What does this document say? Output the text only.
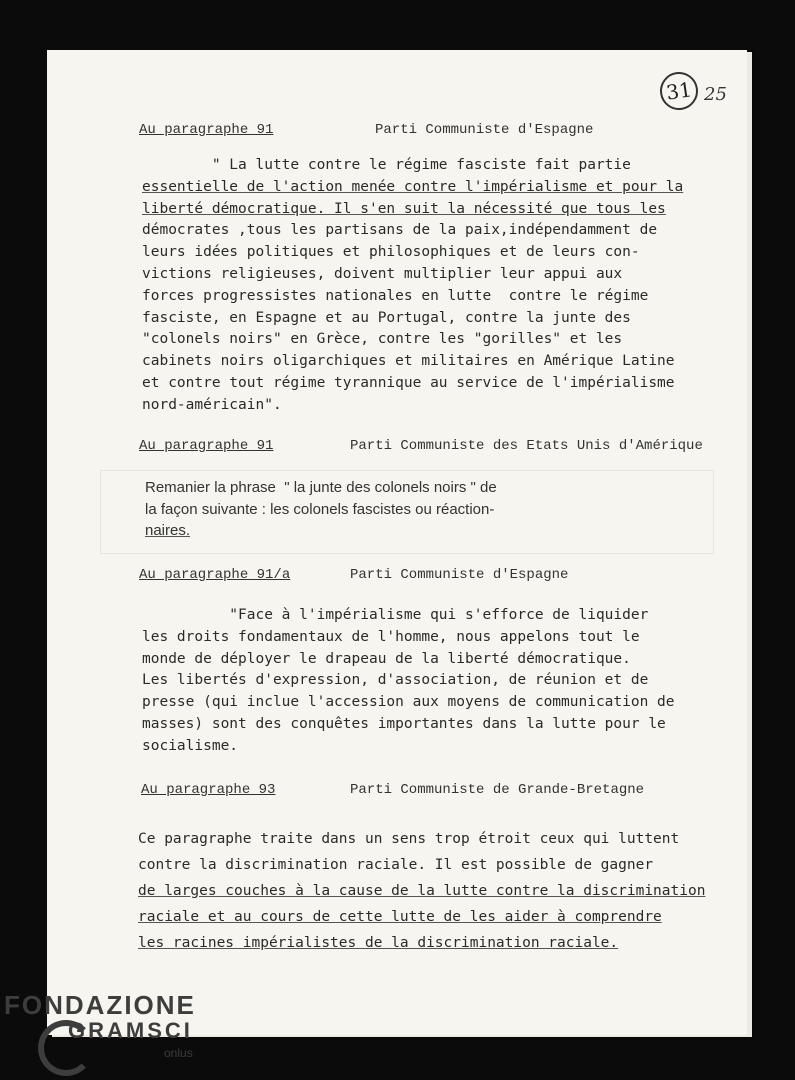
31 25
Au paragraphe 91	Parti Communiste d'Espagne
" La lutte contre le régime fasciste fait partie
essentielle de l'action menée contre l'impérialisme et pour la
liberté démocratique. Il s'en suit la nécessité que tous les
démocrates ,tous les partisans de la paix,indépendamment de
leurs idées politiques et philosophiques et de leurs con-
victions religieuses, doivent multiplier leur appui aux
forces progressistes nationales en lutte  contre le régime
fasciste, en Espagne et au Portugal, contre la junte des
"colonels noirs" en Grèce, contre les "gorilles" et les
cabinets noirs oligarchiques et militaires en Amérique Latine
et contre tout régime tyrannique au service de l'impérialisme
nord-américain".
Au paragraphe 91	Parti Communiste des Etats Unis d'Amérique
Remanier la phrase  " la junte des colonels noirs " de
la façon suivante : les colonels fascistes ou réaction-
naires.
Au paragraphe 91/a	Parti Communiste d'Espagne
"Face à l'impérialisme qui s'efforce de liquider
les droits fondamentaux de l'homme, nous appelons tout le
monde de déployer le drapeau de la liberté démocratique.
Les libertés d'expression, d'association, de réunion et de
presse (qui inclue l'accession aux moyens de communication de
masses) sont des conquêtes importantes dans la lutte pour le
socialisme.
Au paragraphe 93	Parti Communiste de Grande-Bretagne
Ce paragraphe traite dans un sens trop étroit ceux qui luttent
contre la discrimination raciale. Il est possible de gagner
de larges couches à la cause de la lutte contre la discrimination
raciale et au cours de cette lutte de les aider à comprendre
les racines impérialistes de la discrimination raciale.
FONDAZIONE
GRAMSCI
onlus
